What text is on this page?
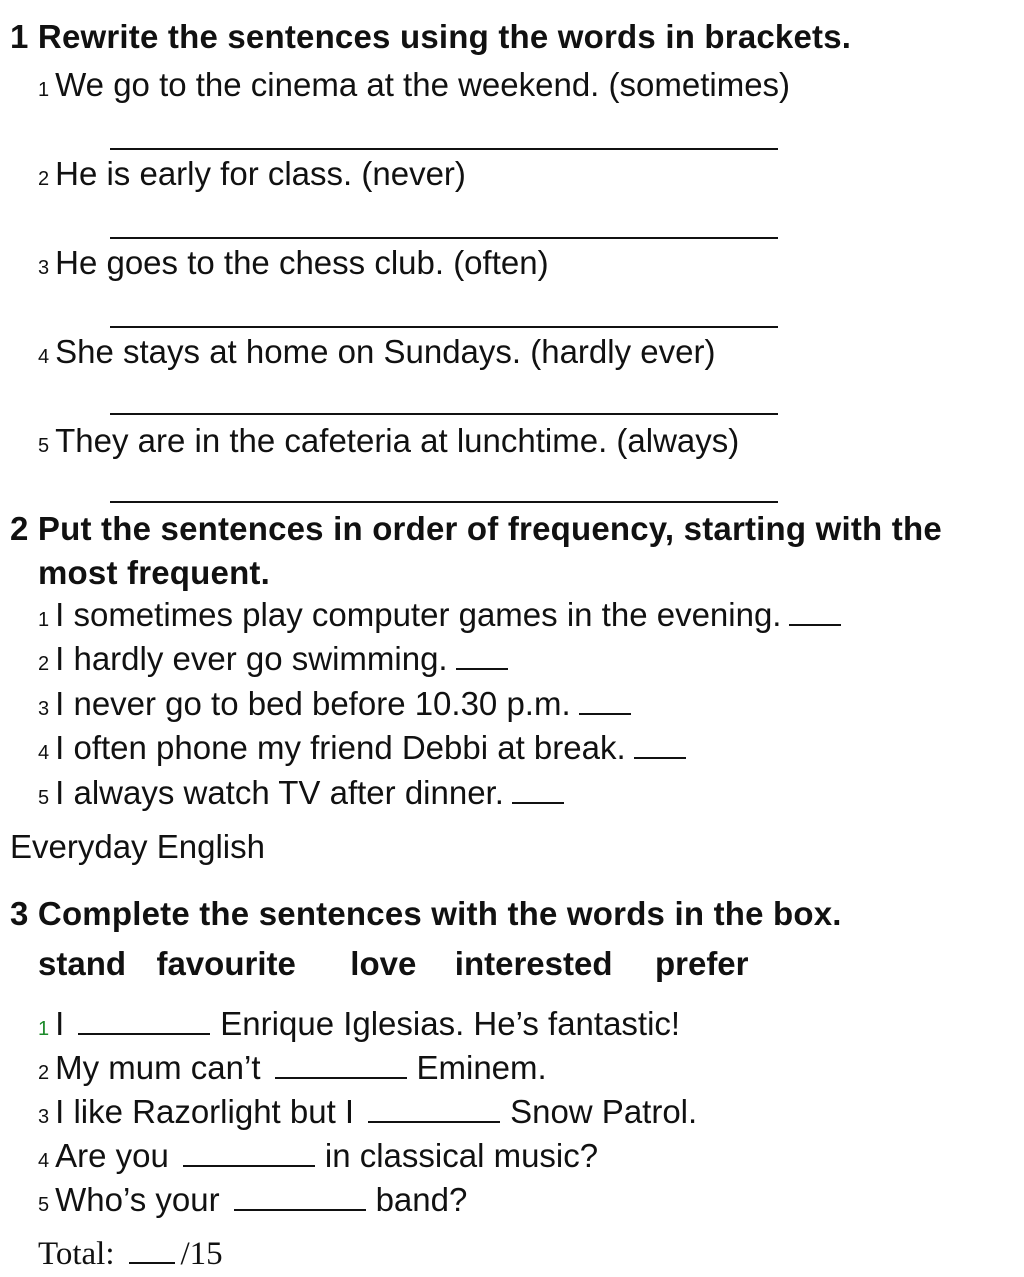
1 Rewrite the sentences using the words in brackets.
1 We go to the cinema at the weekend. (sometimes)
2 He is early for class. (never)
3 He goes to the chess club. (often)
4 She stays at home on Sundays. (hardly ever)
5 They are in the cafeteria at lunchtime. (always)
2 Put the sentences in order of frequency, starting with the
most frequent.
1 I sometimes play computer games in the evening.
2 I hardly ever go swimming.
3 I never go to bed before 10.30 p.m.
4 I often phone my friend Debbi at break.
5 I always watch TV after dinner.
Everyday English
3 Complete the sentences with the words in the box.
stand favourite love interested prefer
1 I	Enrique Iglesias. He’s fantastic!
2 My mum can’t	Eminem.
3 I like Razorlight but I	Snow Patrol.
4 Are you	in classical music?
5 Who’s your	band?
Total: /15
